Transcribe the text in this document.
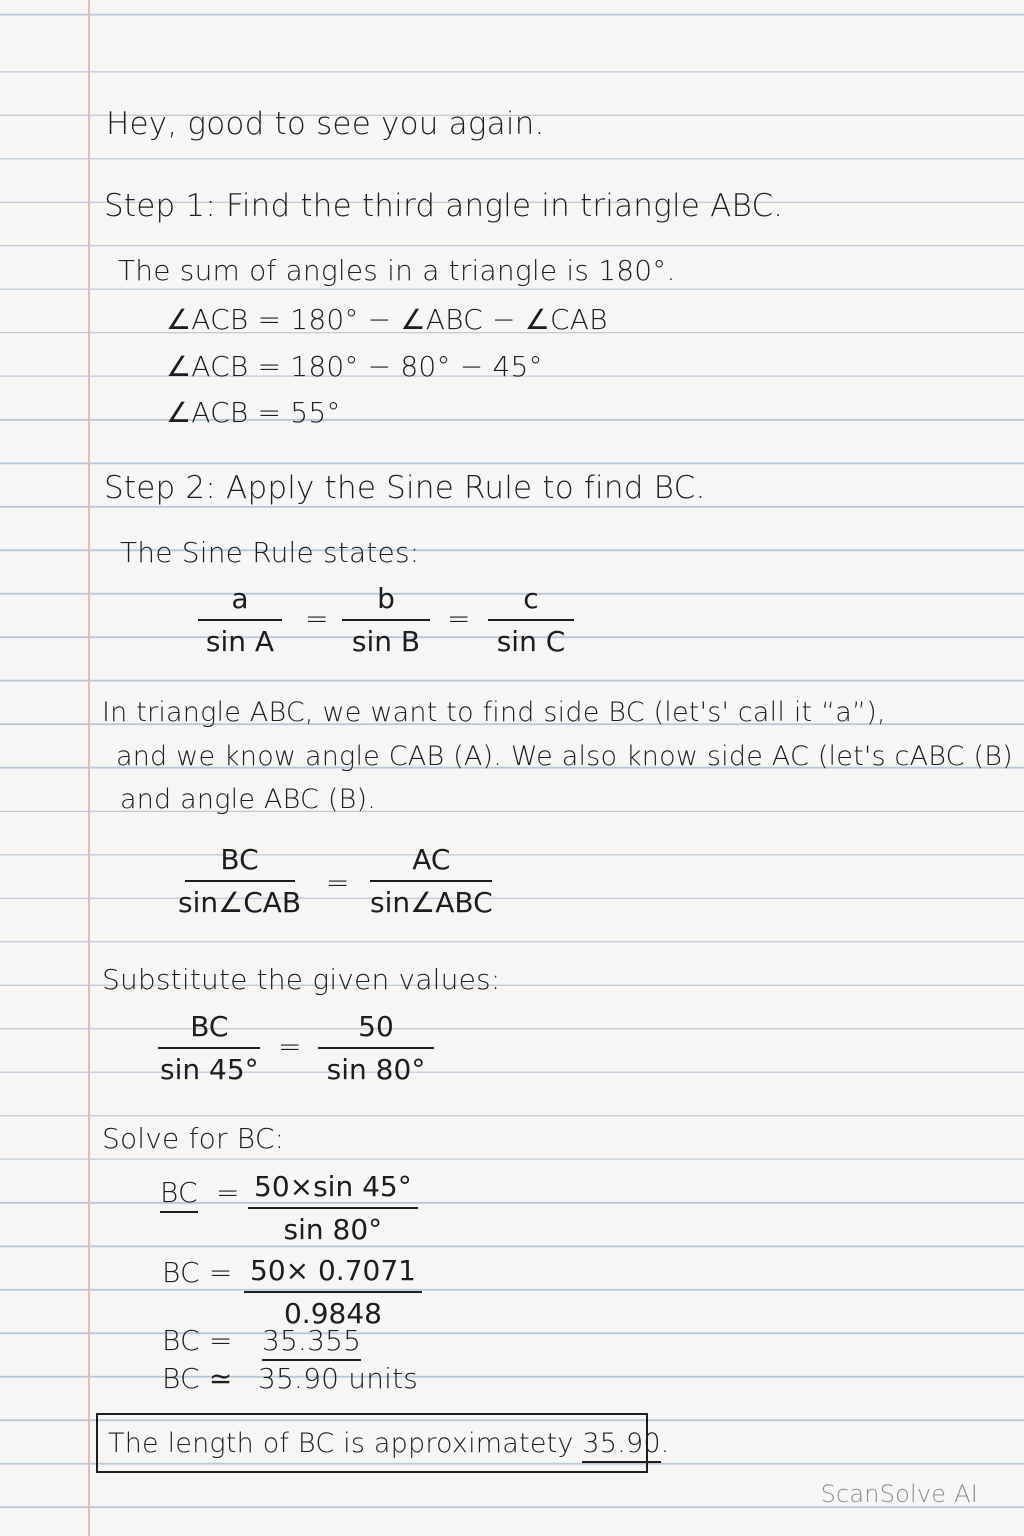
Hey, good to see you again.
Step 1: Find the third angle in triangle ABC.
The sum of angles in a triangle is 180°.
∠ACB = 180° − ∠ABC − ∠CAB
∠ACB = 180° − 80° − 45°
∠ACB = 55°
Step 2: Apply the Sine Rule to find BC.
The Sine Rule states:
$\frac{a}{\text{sin A}} = \frac{b}{\text{sin B}} = \frac{c}{\text{sin C}}$
In triangle ABC, we want to find side BC (let's' call it “a”),
and we know angle CAB (A). We also know side AC (let's cABC (B)
and angle ABC (B).
BC
sin∠CAB
=
AC
sin∠ABC
Substitute the given values:
$\frac{BC}{\sin 45^\circ} = \frac{50}{\sin 80^\circ}$
Solve for BC:
BC = $\frac{50\times\sin 45^\circ}{\sin 80^\circ}$
BC = $\frac{50\times 0.7071}{0.9848}$
BC = 35.355
BC ≃ 35.90 units
The length of BC is approximatety 35.90.
ScanSolve AI
